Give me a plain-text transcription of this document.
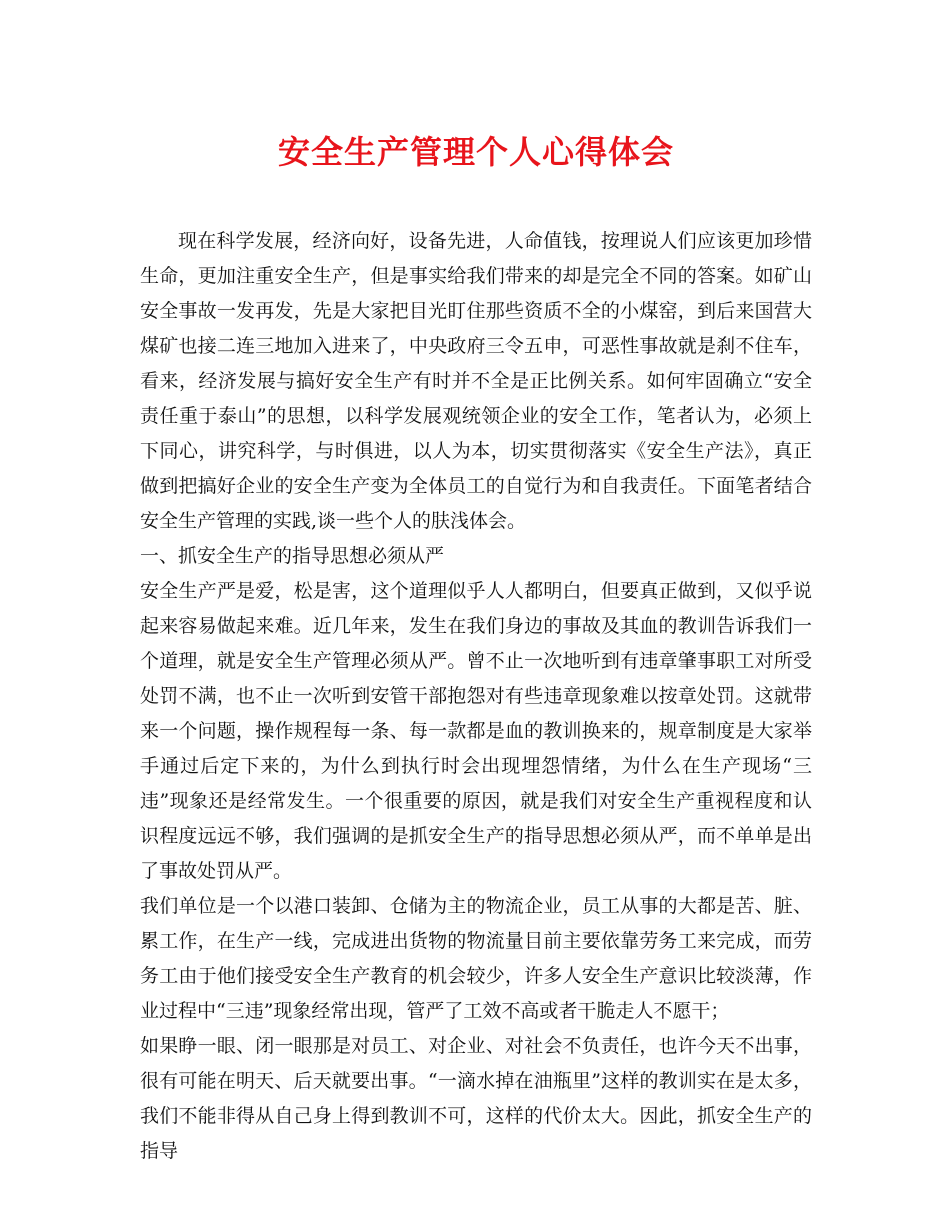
安全生产管理个人心得体会

现在科学发展，经济向好，设备先进，人命值钱，按理说人们应该更加珍惜生命，更加注重安全生产，但是事实给我们带来的却是完全不同的答案。如矿山安全事故一发再发，先是大家把目光盯住那些资质不全的小煤窑，到后来国营大煤矿也接二连三地加入进来了，中央政府三令五申，可恶性事故就是刹不住车，看来，经济发展与搞好安全生产有时并不全是正比例关系。如何牢固确立“安全责任重于泰山”的思想，以科学发展观统领企业的安全工作，笔者认为，必须上下同心，讲究科学，与时俱进，以人为本，切实贯彻落实《安全生产法》，真正做到把搞好企业的安全生产变为全体员工的自觉行为和自我责任。下面笔者结合安全生产管理的实践,谈一些个人的肤浅体会。

一、抓安全生产的指导思想必须从严

安全生产严是爱，松是害，这个道理似乎人人都明白，但要真正做到，又似乎说起来容易做起来难。近几年来，发生在我们身边的事故及其血的教训告诉我们一个道理，就是安全生产管理必须从严。曾不止一次地听到有违章肇事职工对所受处罚不满，也不止一次听到安管干部抱怨对有些违章现象难以按章处罚。这就带来一个问题，操作规程每一条、每一款都是血的教训换来的，规章制度是大家举手通过后定下来的，为什么到执行时会出现埋怨情绪，为什么在生产现场“三违”现象还是经常发生。一个很重要的原因，就是我们对安全生产重视程度和认识程度远远不够，我们强调的是抓安全生产的指导思想必须从严，而不单单是出了事故处罚从严。

我们单位是一个以港口装卸、仓储为主的物流企业，员工从事的大都是苦、脏、累工作，在生产一线，完成进出货物的物流量目前主要依靠劳务工来完成，而劳务工由于他们接受安全生产教育的机会较少，许多人安全生产意识比较淡薄，作业过程中“三违”现象经常出现，管严了工效不高或者干脆走人不愿干；

如果睁一眼、闭一眼那是对员工、对企业、对社会不负责任，也许今天不出事，很有可能在明天、后天就要出事。“一滴水掉在油瓶里”这样的教训实在是太多，我们不能非得从自己身上得到教训不可，这样的代价太大。因此，抓安全生产的指导
